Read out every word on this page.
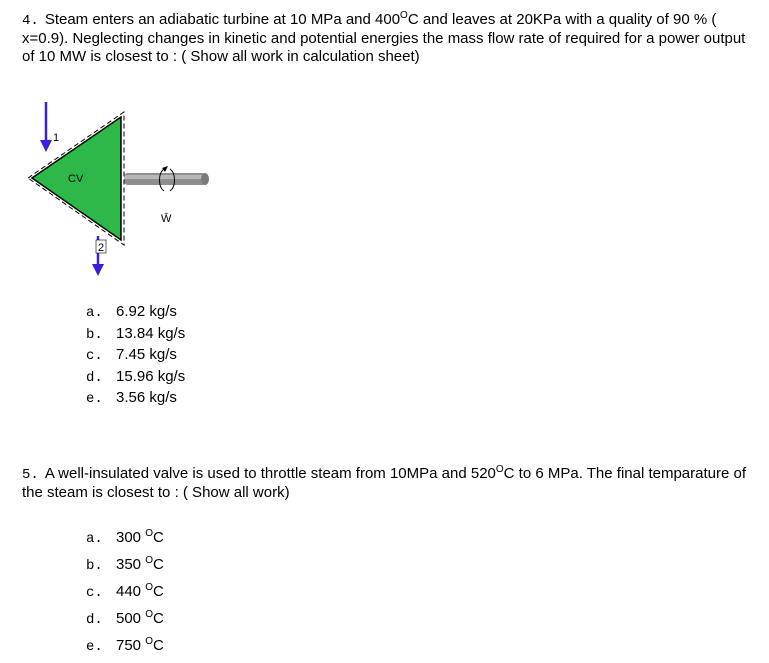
4. Steam enters an adiabatic turbine at 10 MPa and $400^OC$ and leaves at 20KPa with a quality of 90 % ( x=0.9). Neglecting changes in kinetic and potential energies the mass flow rate of required for a power output of 10 MW is closest to : ( Show all work in calculation sheet)
CV
1
2
W̄
a. 6.92 kg/s
b. 13.84 kg/s
c. 7.45 kg/s
d. 15.96 kg/s
e. 3.56 kg/s
5. A well-insulated valve is used to throttle steam from 10MPa and $520^OC$ to 6 MPa. The final temparature of the steam is closest to : ( Show all work)
a. 300 $^O$C
b. 350 $^O$C
c. 440 $^O$C
d. 500 $^O$C
e. 750 $^O$C
